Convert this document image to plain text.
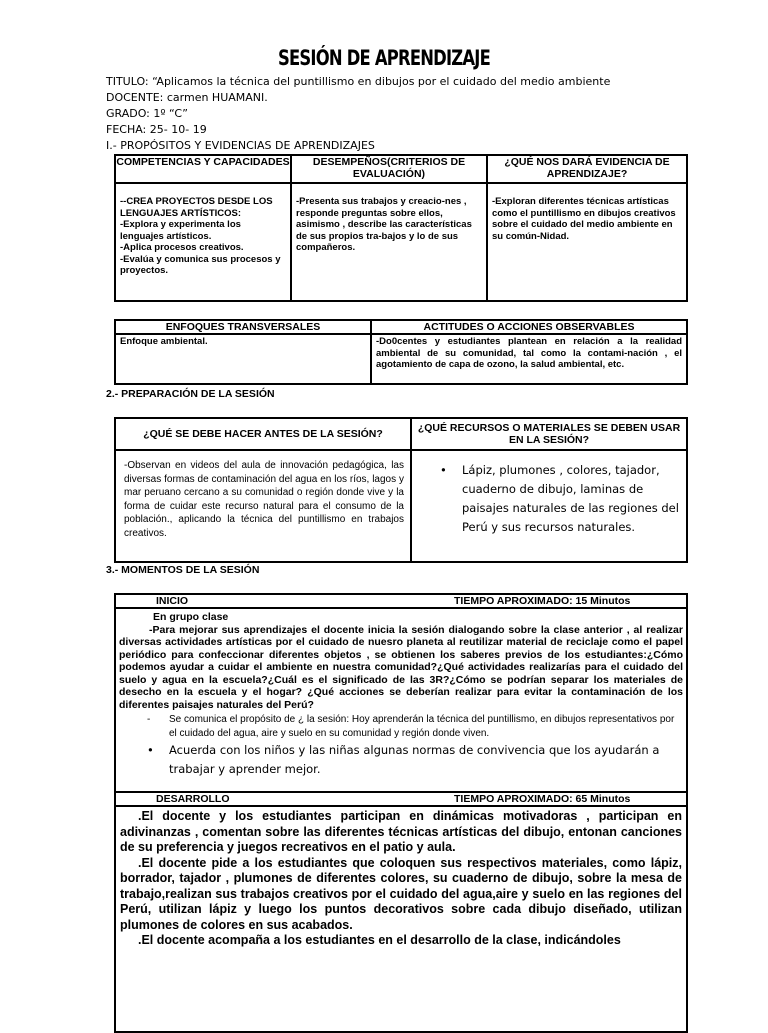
SESIÓN DE APRENDIZAJE
TITULO: “Aplicamos la técnica del puntillismo en dibujos por el cuidado del medio ambiente
DOCENTE: carmen HUAMANI.
GRADO: 1º “C”
FECHA: 25- 10- 19
I.- PROPÓSITOS Y EVIDENCIAS DE APRENDIZAJES
COMPETENCIAS Y CAPACIDADES	DESEMPEÑOS(CRITERIOS DE EVALUACIÓN)	¿QUÉ NOS DARÁ EVIDENCIA DE APRENDIZAJE?
--CREA PROYECTOS DESDE LOS LENGUAJES ARTÍSTICOS:
-Explora y experimenta los lenguajes artísticos.
-Aplica procesos creativos.
-Evalúa y comunica sus procesos y proyectos.	-Presenta sus trabajos y creacio-nes , responde preguntas sobre ellos, asimismo , describe las características de sus propios tra-bajos y lo de sus compañeros.	-Exploran diferentes técnicas artísticas como el puntillismo en dibujos creativos sobre el cuidado del medio ambiente en su común-Nidad.
ENFOQUES TRANSVERSALES	ACTITUDES O ACCIONES OBSERVABLES
Enfoque ambiental.	-Do0centes y estudiantes plantean en relación a la realidad ambiental de su comunidad, tal como la contami-nación , el agotamiento de capa de ozono, la salud ambiental, etc.
2.- PREPARACIÓN DE LA SESIÓN
¿QUÉ SE DEBE HACER ANTES DE LA SESIÓN?	¿QUÉ RECURSOS O MATERIALES SE DEBEN USAR EN LA SESIÓN?
-Observan en videos del aula de innovación pedagógica, las diversas formas de contaminación del agua en los ríos, lagos y mar peruano cercano a su comunidad o región donde vive y la forma de cuidar este recurso natural para el consumo de la población., aplicando la técnica del puntillismo en trabajos creativos.	• Lápiz, plumones , colores, tajador, cuaderno de dibujo, laminas de paisajes naturales de las regiones del Perú y sus recursos naturales.
3.- MOMENTOS DE LA SESIÓN
INICIO	TIEMPO APROXIMADO: 15 Minutos

En grupo clase
-Para mejorar sus aprendizajes el docente inicia la sesión dialogando sobre la clase anterior , al realizar diversas actividades artísticas por el cuidado de nuesro planeta al reutilizar material de reciclaje como el papel periódico para confeccionar diferentes objetos , se obtienen los saberes previos de los estudiantes:¿Cómo podemos ayudar a cuidar el ambiente en nuestra comunidad?¿Qué actividades realizarías para el cuidado del suelo y agua en la escuela?¿Cuál es el significado de las 3R?¿Cómo se podrían separar los materiales de desecho en la escuela y el hogar? ¿Qué acciones se deberían realizar para evitar la contaminación de los diferentes paisajes naturales del Perú?
- Se comunica el propósito de ¿ la sesión: Hoy aprenderán la técnica del puntillismo, en dibujos representativos por el cuidado del agua, aire y suelo en su comunidad y región donde viven.
• Acuerda con los niños y las niñas algunas normas de convivencia que los ayudarán a trabajar y aprender mejor.

DESARROLLO	TIEMPO APROXIMADO: 65 Minutos

.El docente y los estudiantes participan en dinámicas motivadoras , participan en adivinanzas , comentan sobre las diferentes técnicas artísticas del dibujo, entonan canciones de su preferencia y juegos recreativos en el patio y aula.
.El docente pide a los estudiantes que coloquen sus respectivos materiales, como lápiz, borrador, tajador , plumones de diferentes colores, su cuaderno de dibujo, sobre la mesa de trabajo,realizan sus trabajos creativos por el cuidado del agua,aire y suelo en las regiones del Perú, utilizan lápiz y luego los puntos decorativos sobre cada dibujo diseñado, utilizan plumones de colores en sus acabados.
.El docente acompaña a los estudiantes en el desarrollo de la clase, indicándoles
